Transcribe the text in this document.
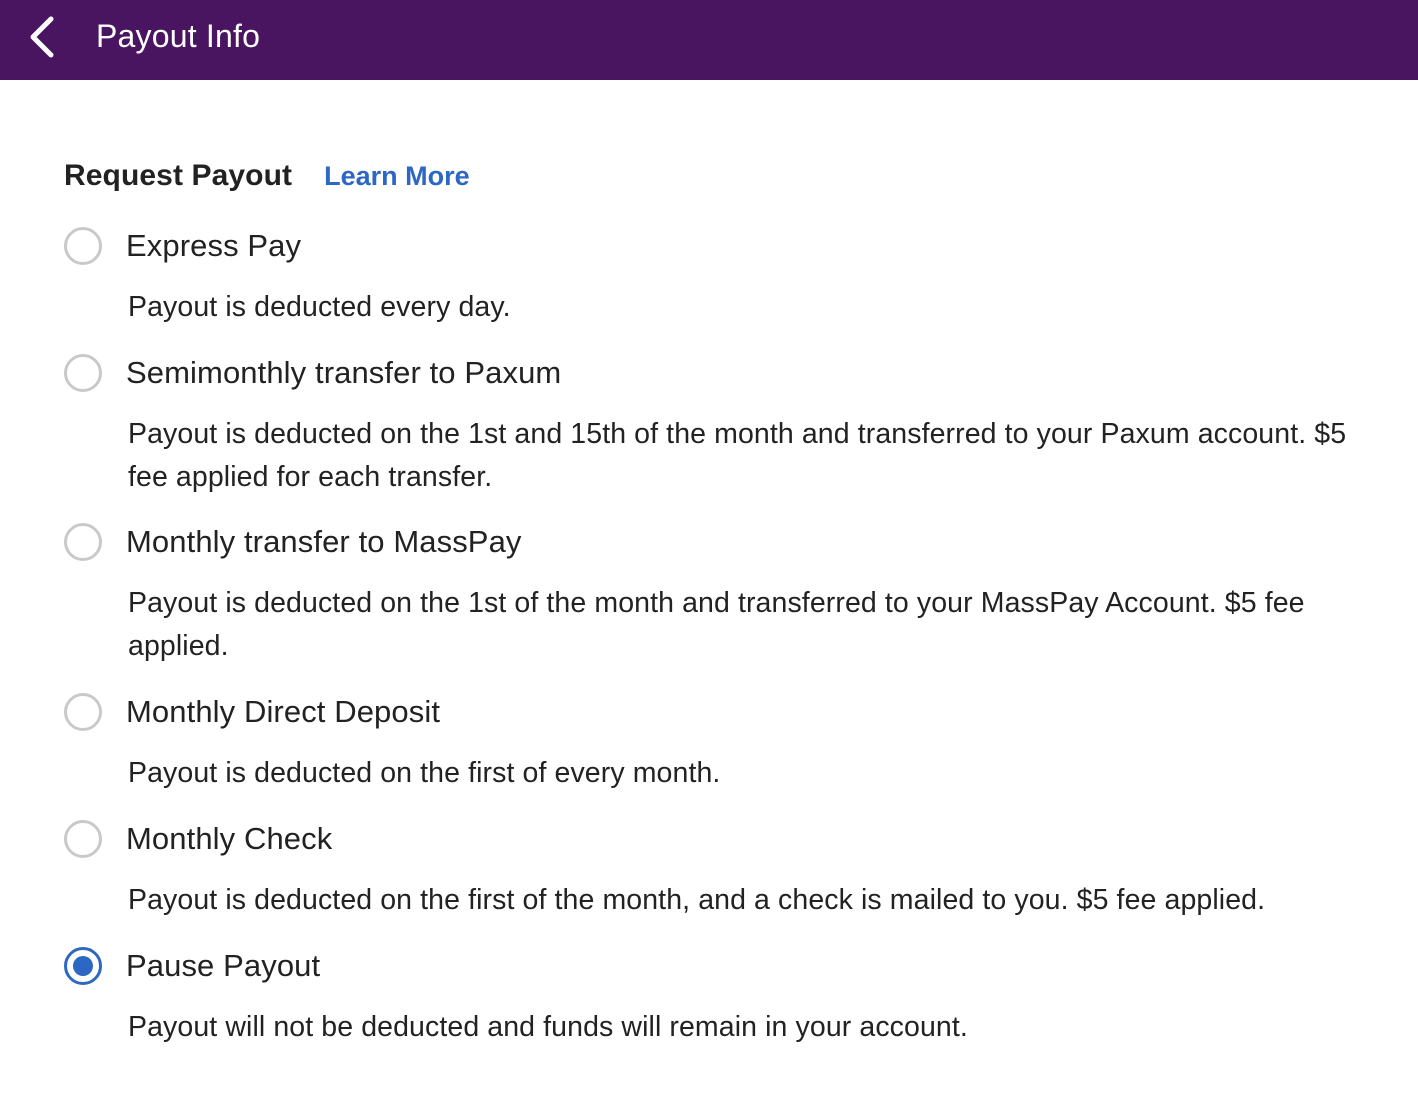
Payout Info
Request Payout Learn More
Express Pay
Payout is deducted every day.
Semimonthly transfer to Paxum
Payout is deducted on the 1st and 15th of the month and transferred to your Paxum account. $5 fee applied for each transfer.
Monthly transfer to MassPay
Payout is deducted on the 1st of the month and transferred to your MassPay Account. $5 fee applied.
Monthly Direct Deposit
Payout is deducted on the first of every month.
Monthly Check
Payout is deducted on the first of the month, and a check is mailed to you. $5 fee applied.
Pause Payout
Payout will not be deducted and funds will remain in your account.
